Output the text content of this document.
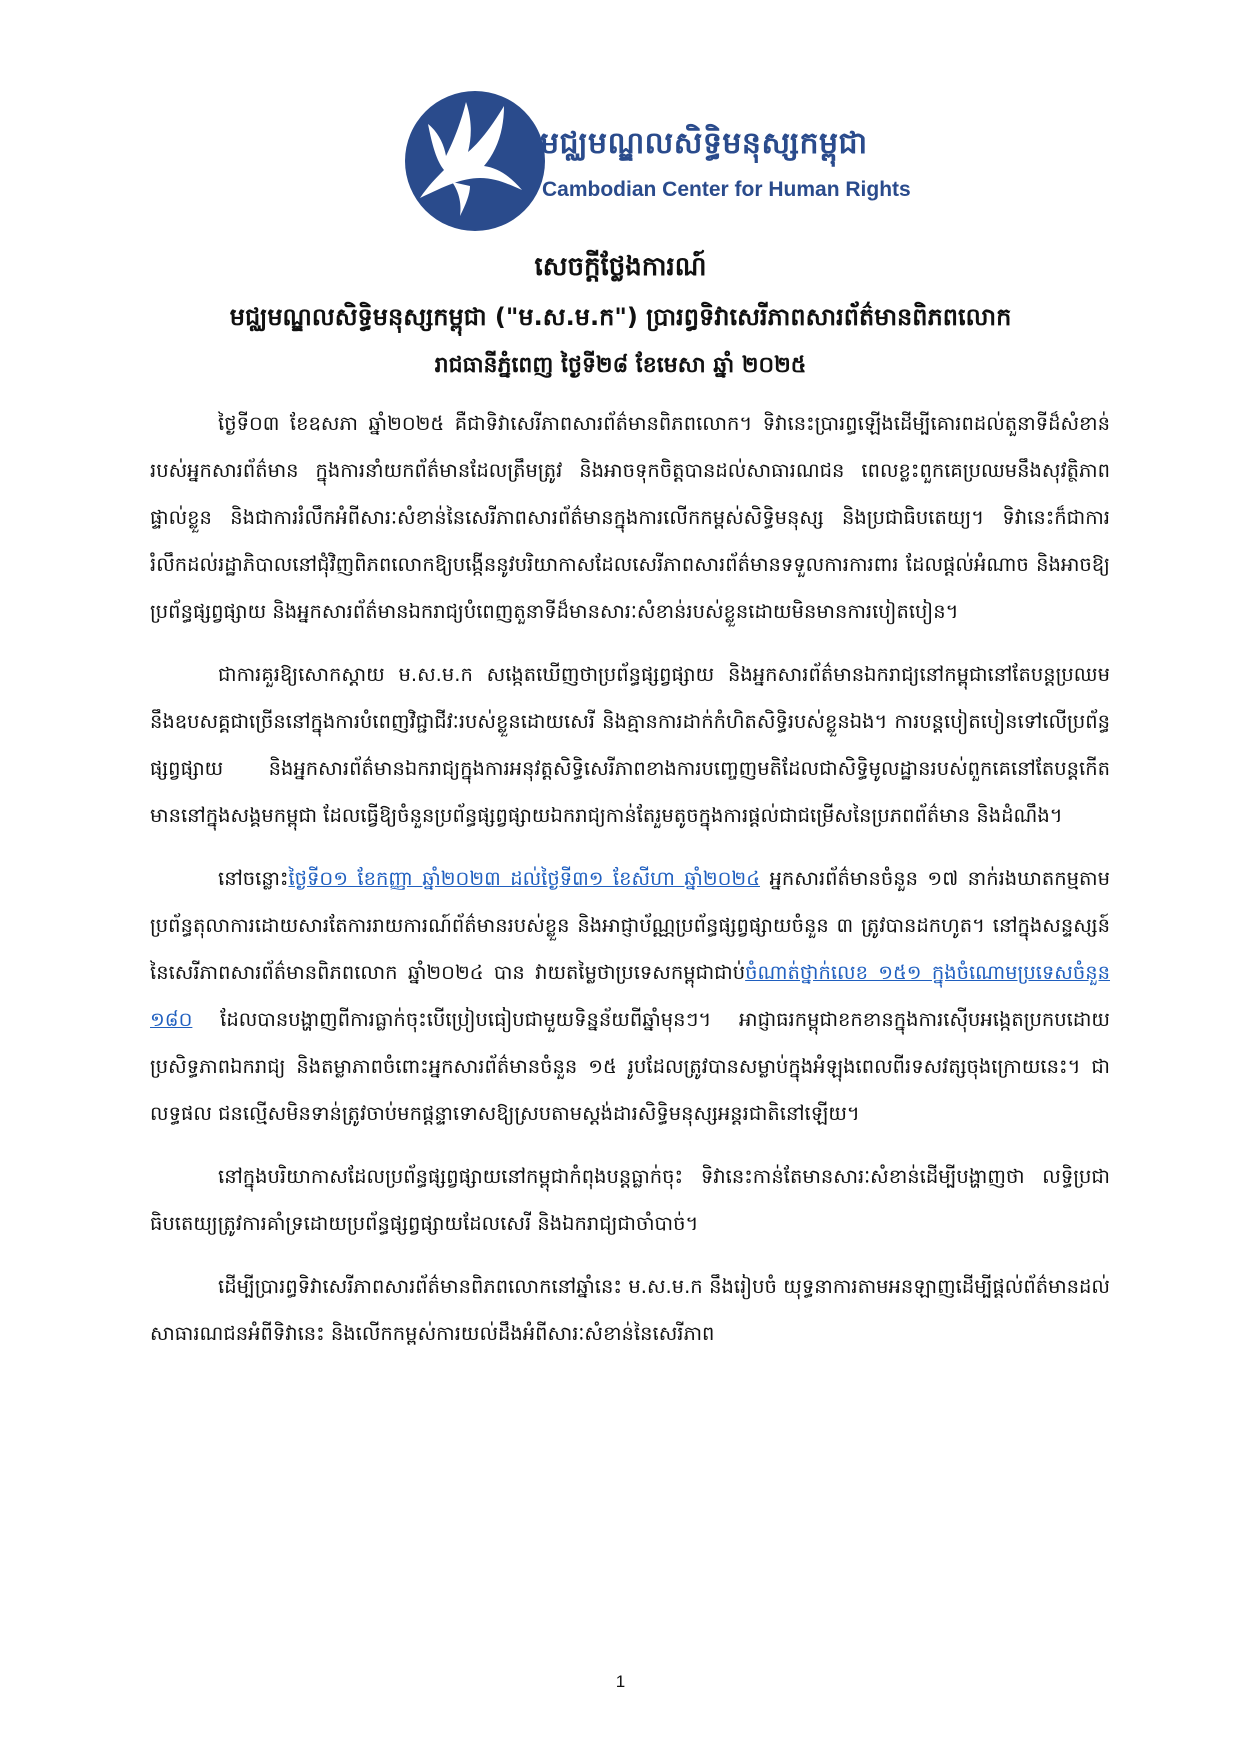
មជ្ឈមណ្ឌលសិទ្ធិមនុស្សកម្ពុជា
Cambodian Center for Human Rights
សេចក្តីថ្លែងការណ៍
មជ្ឈមណ្ឌលសិទ្ធិមនុស្សកម្ពុជា ("ម.ស.ម.ក") ប្រារព្ធទិវាសេរីភាពសារព័ត៌មានពិភពលោក
រាជធានីភ្នំពេញ ថ្ងៃទី២៨ ខែមេសា ឆ្នាំ ២០២៥

ថ្ងៃទី០៣ ខែឧសភា ឆ្នាំ២០២៥ គឺជាទិវាសេរីភាពសារព័ត៌មានពិភពលោក។ ទិវានេះប្រារព្ធឡើងដើម្បីគោរពដល់តួនាទីដ៏សំខាន់របស់អ្នកសារព័ត៌មាន ក្នុងការនាំយកព័ត៌មានដែលត្រឹមត្រូវ និងអាចទុកចិត្តបានដល់សាធារណជន ពេលខ្លះពួកគេប្រឈមនឹងសុវត្ថិភាពផ្ទាល់ខ្លួន និងជាការរំលឹកអំពីសារៈសំខាន់នៃសេរីភាពសារព័ត៌មានក្នុងការលើកកម្ពស់សិទ្ធិមនុស្ស និងប្រជាធិបតេយ្យ។ ទិវានេះក៏ជាការរំលឹកដល់រដ្ឋាភិបាលនៅជុំវិញពិភពលោកឱ្យបង្កើននូវបរិយាកាសដែលសេរីភាពសារព័ត៌មានទទួលការការពារ ដែលផ្តល់អំណាច និងអាចឱ្យប្រព័ន្ធផ្សព្វផ្សាយ និងអ្នកសារព័ត៌មានឯករាជ្យបំពេញតួនាទីដ៏មានសារៈសំខាន់របស់ខ្លួនដោយមិនមានការបៀតបៀន។

ជាការគួរឱ្យសោកស្តាយ ម.ស.ម.ក សង្កេតឃើញថាប្រព័ន្ធផ្សព្វផ្សាយ និងអ្នកសារព័ត៌មានឯករាជ្យនៅកម្ពុជានៅតែបន្តប្រឈមនឹងឧបសគ្គជាច្រើននៅក្នុងការបំពេញវិជ្ជាជីវៈរបស់ខ្លួនដោយសេរី និងគ្មានការដាក់កំហិតសិទ្ធិរបស់ខ្លួនឯង។ ការបន្តបៀតបៀនទៅលើប្រព័ន្ធផ្សព្វផ្សាយ និងអ្នកសារព័ត៌មានឯករាជ្យក្នុងការអនុវត្តសិទ្ធិសេរីភាពខាងការបញ្ចេញមតិដែលជាសិទ្ធិមូលដ្ឋានរបស់ពួកគេនៅតែបន្តកើតមាននៅក្នុងសង្គមកម្ពុជា ដែលធ្វើឱ្យចំនួនប្រព័ន្ធផ្សព្វផ្សាយឯករាជ្យកាន់តែរួមតូចក្នុងការផ្តល់ជាជម្រើសនៃប្រភពព័ត៌មាន និងដំណឹង។

នៅចន្លោះថ្ងៃទី០១ ខែកញ្ញា ឆ្នាំ២០២៣ ដល់ថ្ងៃទី៣១ ខែសីហា ឆ្នាំ២០២៤ អ្នកសារព័ត៌មានចំនួន ១៧ នាក់រងឃាតកម្មតាមប្រព័ន្ធតុលាការដោយសារតែការរាយការណ៍ព័ត៌មានរបស់ខ្លួន និងអាជ្ញាប័ណ្ណប្រព័ន្ធផ្សព្វផ្សាយចំនួន ៣ ត្រូវបានដកហូត។ នៅក្នុងសន្ទស្សន៍នៃសេរីភាពសារព័ត៌មានពិភពលោក ឆ្នាំ២០២៤ បាន វាយតម្លៃថាប្រទេសកម្ពុជាជាប់ចំណាត់ថ្នាក់លេខ ១៥១ ក្នុងចំណោមប្រទេសចំនួន ១៨០ ដែលបានបង្ហាញពីការធ្លាក់ចុះបើប្រៀបធៀបជាមួយទិន្នន័យពីឆ្នាំមុនៗ។ អាជ្ញាធរកម្ពុជាខកខានក្នុងការស៊ើបអង្កេតប្រកបដោយប្រសិទ្ធភាពឯករាជ្យ និងតម្លាភាពចំពោះអ្នកសារព័ត៌មានចំនួន ១៥ រូបដែលត្រូវបានសម្លាប់ក្នុងអំឡុងពេលពីរទសវត្សចុងក្រោយនេះ។ ជាលទ្ធផល ជនល្មើសមិនទាន់ត្រូវចាប់មកផ្តន្ទាទោសឱ្យស្របតាមស្តង់ដារសិទ្ធិមនុស្សអន្តរជាតិនៅឡើយ។

នៅក្នុងបរិយាកាសដែលប្រព័ន្ធផ្សព្វផ្សាយនៅកម្ពុជាកំពុងបន្តធ្លាក់ចុះ ទិវានេះកាន់តែមានសារៈសំខាន់ដើម្បីបង្ហាញថា លទ្ធិប្រជាធិបតេយ្យត្រូវការគាំទ្រដោយប្រព័ន្ធផ្សព្វផ្សាយដែលសេរី និងឯករាជ្យជាចាំបាច់។

ដើម្បីប្រារព្ធទិវាសេរីភាពសារព័ត៌មានពិភពលោកនៅឆ្នាំនេះ ម.ស.ម.ក នឹងរៀបចំ យុទ្ធនាការតាមអនឡាញដើម្បីផ្តល់ព័ត៌មានដល់សាធារណជនអំពីទិវានេះ និងលើកកម្ពស់ការយល់ដឹងអំពីសារៈសំខាន់នៃសេរីភាព

1
